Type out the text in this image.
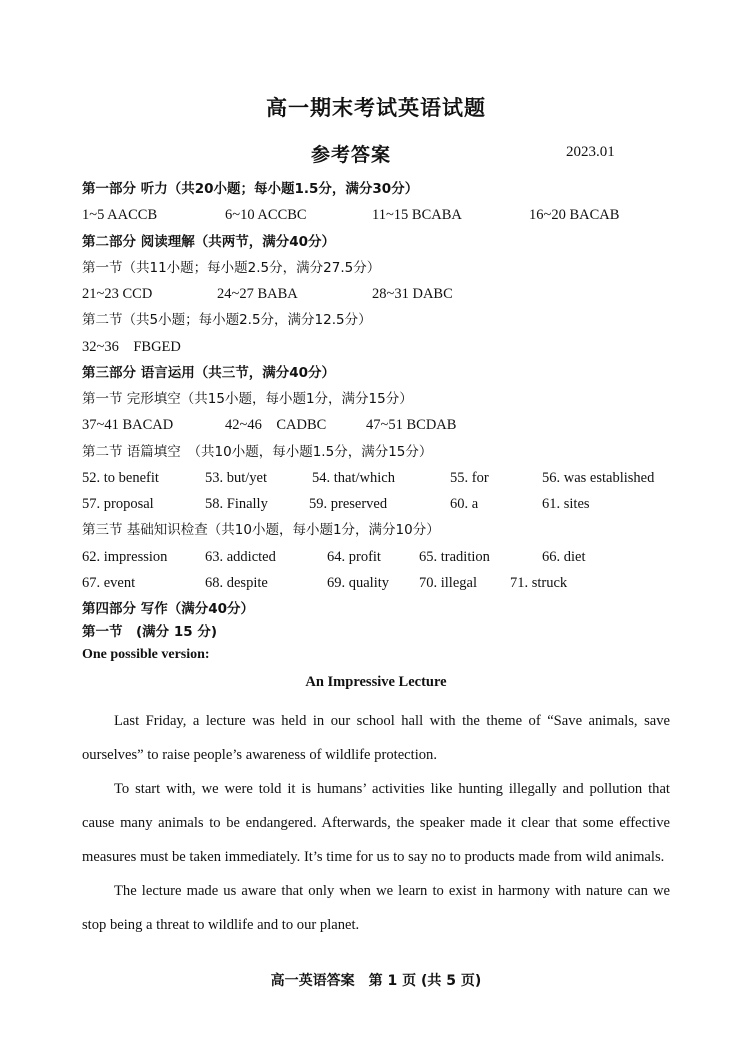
高一期末考试英语试题
参考答案	2023.01
第一部分 听力（共20小题；每小题1.5分，满分30分）
1~5 AACCB	6~10 ACCBC	11~15 BCABA	16~20 BACAB
第二部分 阅读理解（共两节，满分40分）
第一节（共11小题；每小题2.5分，满分27.5分）
21~23 CCD	24~27 BABA	28~31 DABC
第二节（共5小题；每小题2.5分，满分12.5分）
32~36　FBGED
第三部分 语言运用（共三节，满分40分）
第一节 完形填空（共15小题，每小题1分，满分15分）
37~41 BACAD	42~46　CADBC	47~51 BCDAB
第二节 语篇填空　（共10小题，每小题1.5分，满分15分）
52. to benefit	53. but/yet	54. that/which	55. for	56. was established
57. proposal	58. Finally	59. preserved	60. a	61. sites
第三节 基础知识检查（共10小题，每小题1分，满分10分）
62. impression	63. addicted	64. profit	65. tradition	66. diet
67. event	68. despite	69. quality 70. illegal 71. struck
第四部分 写作（满分40分）
第一节　(满分 15 分)
One possible version:
An Impressive Lecture

Last Friday, a lecture was held in our school hall with the theme of “Save animals, save ourselves” to raise people’s awareness of wildlife protection.

To start with, we were told it is humans’ activities like hunting illegally and pollution that cause many animals to be endangered. Afterwards, the speaker made it clear that some effective measures must be taken immediately. It’s time for us to say no to products made from wild animals.

The lecture made us aware that only when we learn to exist in harmony with nature can we stop being a threat to wildlife and to our planet.

高一英语答案　第 1 页 (共 5 页)
